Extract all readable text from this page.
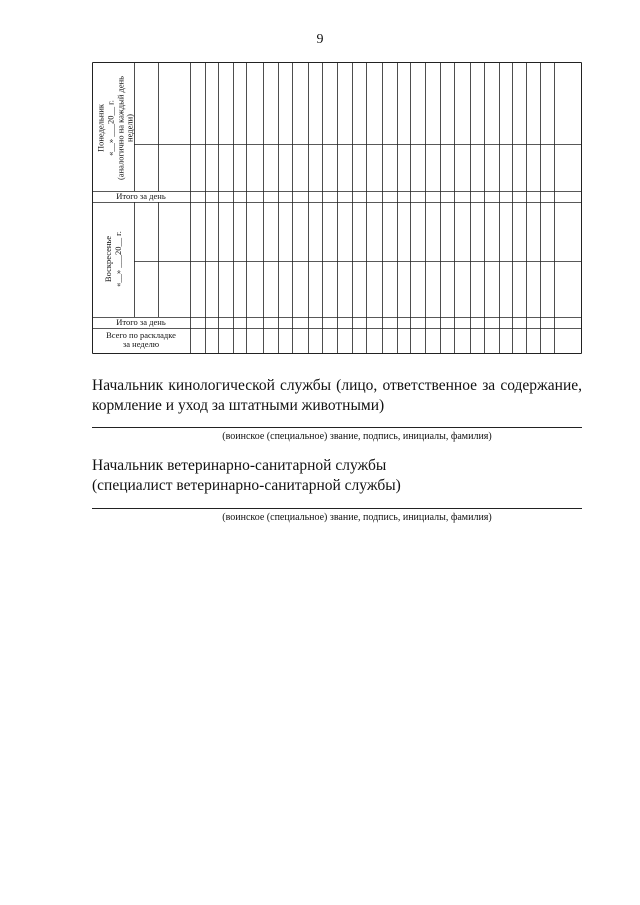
9
Понедельник «__» ___20__ г. (аналогично на каждый день недели)
Итого за день
Воскресенье «__» ___20__ г.
Итого за день
Всего по раскладке
за неделю

Начальник кинологической службы (лицо, ответственное за содержание, кормление и уход за штатными животными)

(воинское (специальное) звание, подпись, инициалы, фамилия)

Начальник ветеринарно-санитарной службы

(специалист ветеринарно-санитарной службы)

(воинское (специальное) звание, подпись, инициалы, фамилия)
